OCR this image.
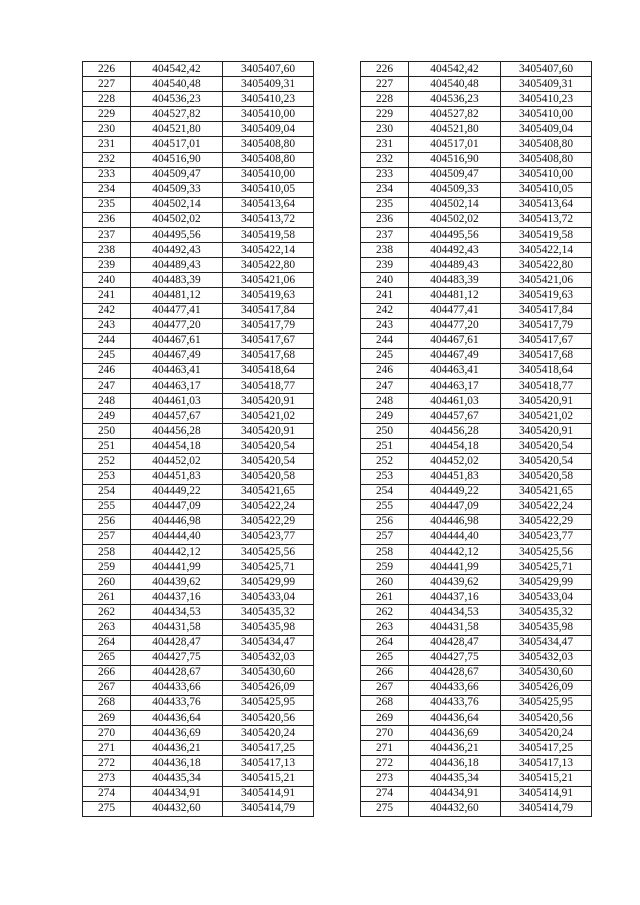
226	404542,42	3405407,60
227	404540,48	3405409,31
228	404536,23	3405410,23
229	404527,82	3405410,00
230	404521,80	3405409,04
231	404517,01	3405408,80
232	404516,90	3405408,80
233	404509,47	3405410,00
234	404509,33	3405410,05
235	404502,14	3405413,64
236	404502,02	3405413,72
237	404495,56	3405419,58
238	404492,43	3405422,14
239	404489,43	3405422,80
240	404483,39	3405421,06
241	404481,12	3405419,63
242	404477,41	3405417,84
243	404477,20	3405417,79
244	404467,61	3405417,67
245	404467,49	3405417,68
246	404463,41	3405418,64
247	404463,17	3405418,77
248	404461,03	3405420,91
249	404457,67	3405421,02
250	404456,28	3405420,91
251	404454,18	3405420,54
252	404452,02	3405420,54
253	404451,83	3405420,58
254	404449,22	3405421,65
255	404447,09	3405422,24
256	404446,98	3405422,29
257	404444,40	3405423,77
258	404442,12	3405425,56
259	404441,99	3405425,71
260	404439,62	3405429,99
261	404437,16	3405433,04
262	404434,53	3405435,32
263	404431,58	3405435,98
264	404428,47	3405434,47
265	404427,75	3405432,03
266	404428,67	3405430,60
267	404433,66	3405426,09
268	404433,76	3405425,95
269	404436,64	3405420,56
270	404436,69	3405420,24
271	404436,21	3405417,25
272	404436,18	3405417,13
273	404435,34	3405415,21
274	404434,91	3405414,91
275	404432,60	3405414,79
226	404542,42	3405407,60
227	404540,48	3405409,31
228	404536,23	3405410,23
229	404527,82	3405410,00
230	404521,80	3405409,04
231	404517,01	3405408,80
232	404516,90	3405408,80
233	404509,47	3405410,00
234	404509,33	3405410,05
235	404502,14	3405413,64
236	404502,02	3405413,72
237	404495,56	3405419,58
238	404492,43	3405422,14
239	404489,43	3405422,80
240	404483,39	3405421,06
241	404481,12	3405419,63
242	404477,41	3405417,84
243	404477,20	3405417,79
244	404467,61	3405417,67
245	404467,49	3405417,68
246	404463,41	3405418,64
247	404463,17	3405418,77
248	404461,03	3405420,91
249	404457,67	3405421,02
250	404456,28	3405420,91
251	404454,18	3405420,54
252	404452,02	3405420,54
253	404451,83	3405420,58
254	404449,22	3405421,65
255	404447,09	3405422,24
256	404446,98	3405422,29
257	404444,40	3405423,77
258	404442,12	3405425,56
259	404441,99	3405425,71
260	404439,62	3405429,99
261	404437,16	3405433,04
262	404434,53	3405435,32
263	404431,58	3405435,98
264	404428,47	3405434,47
265	404427,75	3405432,03
266	404428,67	3405430,60
267	404433,66	3405426,09
268	404433,76	3405425,95
269	404436,64	3405420,56
270	404436,69	3405420,24
271	404436,21	3405417,25
272	404436,18	3405417,13
273	404435,34	3405415,21
274	404434,91	3405414,91
275	404432,60	3405414,79
